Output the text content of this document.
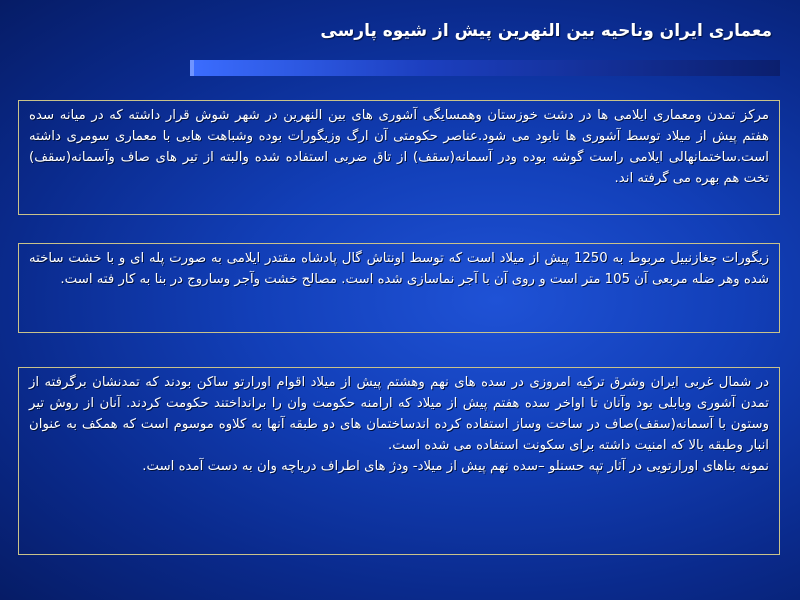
معماری ایران وناحیه بین النهرین پیش از شیوه پارسی

مرکز تمدن ومعماری ایلامی ها در دشت خوزستان وهمسایگی آشوری های بین النهرین در شهر شوش قرار داشته که در میانه سده هفتم پیش از میلاد توسط آشوری ها نابود می شود.عناصر حکومتی آن ارگ وزیگورات بوده وشباهت هایی با معماری سومری داشته است.ساختمانهالی ایلامی راست گوشه بوده ودر آسمانه(سقف) از تاق ضربی استفاده شده والبته از تیر های صاف وآسمانه(سقف) تخت هم بهره می گرفته اند.

زیگورات چغازنبیل مربوط به 1250 پیش از میلاد است که توسط اونتاش گال پادشاه مقتدر ایلامی به صورت پله ای و با خشت ساخته شده وهر ضله مربعی آن 105 متر است و روی آن با آجر نماسازی شده است. مصالح خشت وآجر وساروج در بنا به کار فته است.

در شمال غربی ایران وشرق ترکیه امروزی در سده های نهم وهشتم پیش از میلاد اقوام اورارتو ساکن بودند که تمدنشان برگرفته از تمدن آشوری وبابلی بود وآنان تا اواخر سده هفتم پیش از میلاد که ارامنه حکومت وان را برانداختند حکومت کردند. آنان از روش تیر وستون با آسمانه(سقف)صاف در ساخت وساز استفاده کرده اندساختمان های دو طبقه آنها به کلاوه موسوم است که همکف به عنوان انبار وطبقه بالا که امنیت داشته برای سکونت استفاده می شده است.

نمونه بناهای اورارتویی در آثار تپه حسنلو –سده نهم پیش از میلاد- ودژ های اطراف دریاچه وان به دست آمده است.
